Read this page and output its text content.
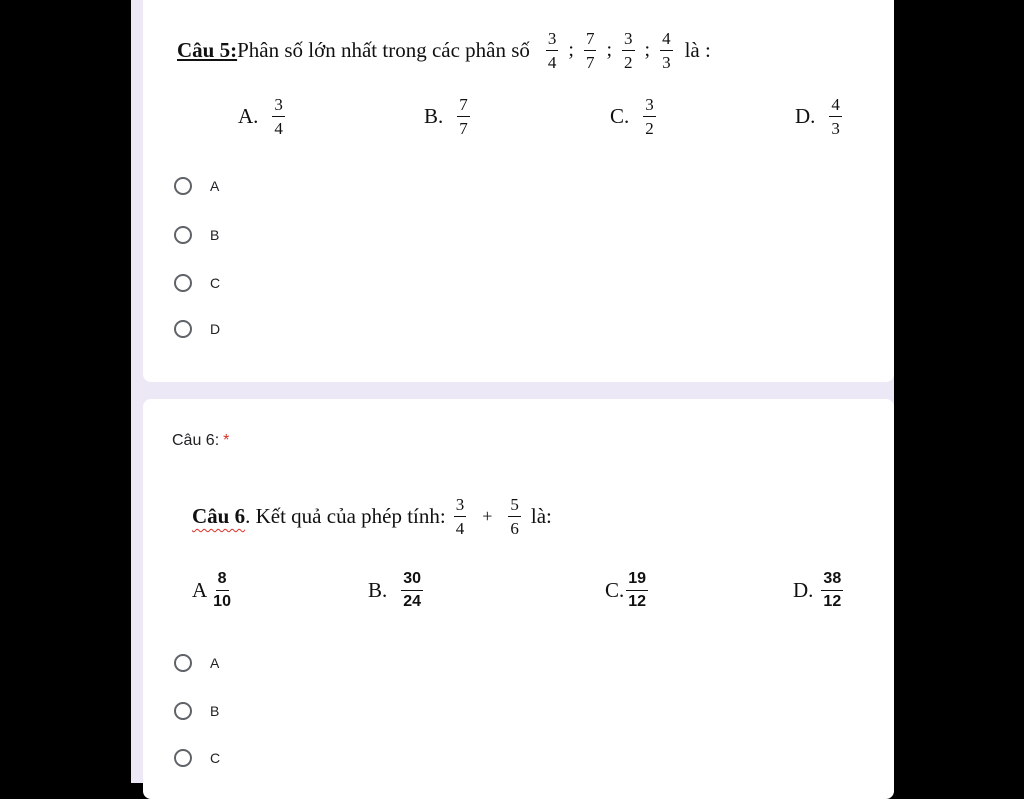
Câu 5: Phân số lớn nhất trong các phân số $\frac{3}{4}$ ; $\frac{7}{7}$ ; $\frac{3}{2}$ ; $\frac{4}{3}$ là :
A. $\frac{3}{4}$	B. $\frac{7}{7}$	C. $\frac{3}{2}$	D. $\frac{4}{3}$
A
B
C
D
Câu 6: *
Câu 6 . Kết quả của phép tính: $\frac{3}{4} + \frac{5}{6}$ là:
A $\frac{8}{10}$	B. $\frac{30}{24}$	C. $\frac{19}{12}$	D. $\frac{38}{12}$
A
B
C
